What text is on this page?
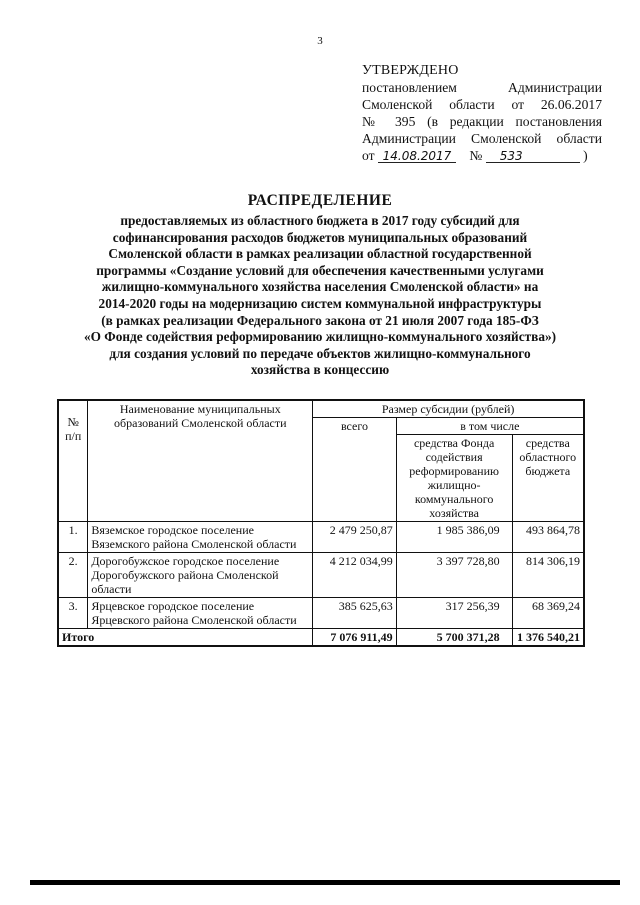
3
УТВЕРЖДЕНО
постановлением Администрации
Смоленской области от 26.06.2017
№ 395 (в редакции постановления
Администрации Смоленской области
от 14.08.2017 № 533	)
РАСПРЕДЕЛЕНИЕ
предоставляемых из областного бюджета в 2017 году субсидий для
софинансирования расходов бюджетов муниципальных образований
Смоленской области в рамках реализации областной государственной
программы «Создание условий для обеспечения качественными услугами
жилищно-коммунального хозяйства населения Смоленской области» на
2014-2020 годы на модернизацию систем коммунальной инфраструктуры
(в рамках реализации Федерального закона от 21 июля 2007 года 185-ФЗ
«О Фонде содействия реформированию жилищно-коммунального хозяйства»)
для создания условий по передаче объектов жилищно-коммунального
хозяйства в концессию
№ п/п	Наименование муниципальных образований Смоленской области	Размер субсидии (рублей)		
		всего	в том числе	
			средства Фонда содействия реформированию жилищно-коммунального хозяйства	средства областного бюджета
1.	Вяземское городское поселение Вяземского района Смоленской области	2 479 250,87	1 985 386,09	493 864,78
2.	Дорогобужское городское поселение Дорогобужского района Смоленской области	4 212 034,99	3 397 728,80	814 306,19
3.	Ярцевское городское поселение Ярцевского района Смоленской области	385 625,63	317 256,39	68 369,24
Итого		7 076 911,49	5 700 371,28	1 376 540,21
